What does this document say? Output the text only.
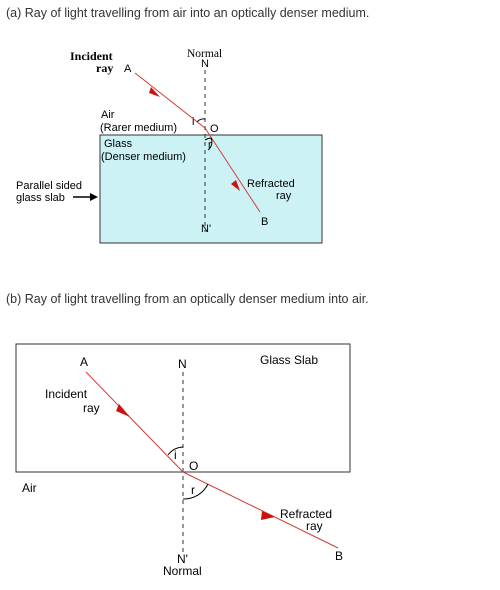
(a) Ray of light travelling from air into an optically denser medium.
Incident
ray A
Normal
N
Air
(Rarer medium) i
O
Glass
(Denser medium)
r
Parallel sided
glass slab
Refracted
ray
B
N'
(b) Ray of light travelling from an optically denser medium into air.
A	N	Glass Slab
Incident
ray
i
O
Air	r
Refracted
ray
B
N'
Normal
